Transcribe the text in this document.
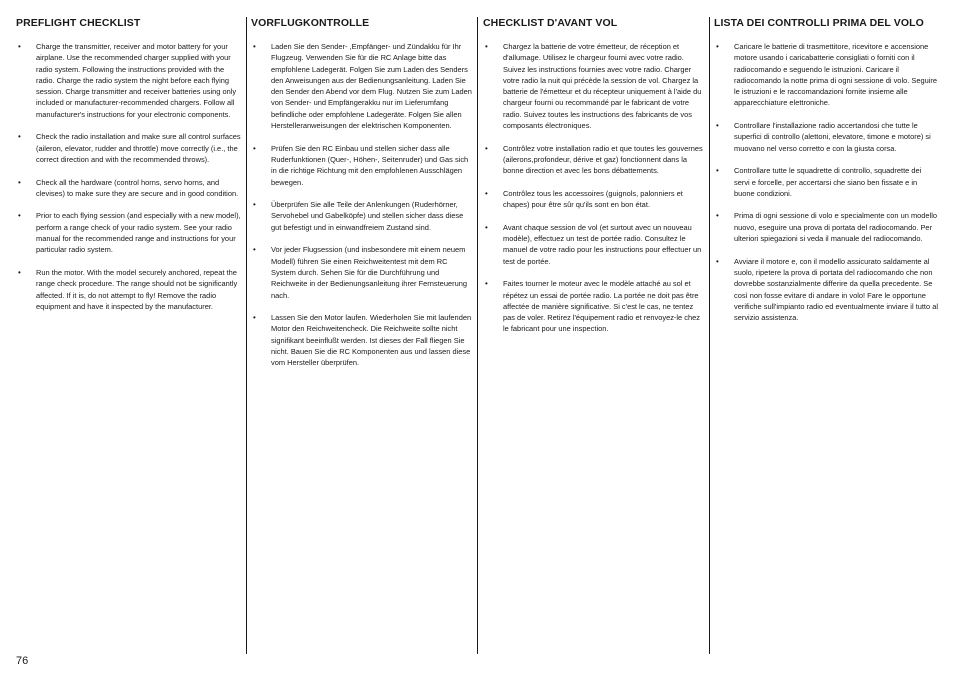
PREFLIGHT CHECKLIST
• Charge the transmitter, receiver and motor battery for your airplane. Use the recommended charger supplied with your radio system. Following the instructions provided with the radio. Charge the radio system the night before each flying session. Charge transmitter and receiver batteries using only included or manufacturer-recommended chargers. Follow all manufacturer's instructions for your electronic components.
• Check the radio installation and make sure all control surfaces (aileron, elevator, rudder and throttle) move correctly (i.e., the correct direction and with the recommended throws).
• Check all the hardware (control horns, servo horns, and clevises) to make sure they are secure and in good condition.
• Prior to each flying session (and especially with a new model), perform a range check of your radio system. See your radio manual for the recommended range and instructions for your particular radio system.
• Run the motor. With the model securely anchored, repeat the range check procedure. The range should not be significantly affected. If it is, do not attempt to fly! Remove the radio equipment and have it inspected by the manufacturer.
VORFLUGKONTROLLE
• Laden Sie den Sender- ,Empfänger- und Zündakku für Ihr Flugzeug. Verwenden Sie für die RC Anlage bitte das empfohlene Ladegerät. Folgen Sie zum Laden des Senders den Anweisungen aus der Bedienungsanleitung. Laden Sie den Sender den Abend vor dem Flug. Nutzen Sie zum Laden von Sender- und Empfängerakku nur im Lieferumfang befindliche oder empfohlene Ladegeräte. Folgen Sie allen Herstelleranweisungen der elektrischen Komponenten.
• Prüfen Sie den RC Einbau und stellen sicher dass alle Ruderfunktionen (Quer-, Höhen-, Seitenruder) und Gas sich in die richtige Richtung mit den empfohlenen Ausschlägen bewegen.
• Überprüfen Sie alle Teile der Anlenkungen (Ruderhörner, Servohebel und Gabelköpfe) und stellen sicher dass diese gut befestigt und in einwandfreiem Zustand sind.
• Vor jeder Flugsession (und insbesondere mit einem neuem Modell) führen Sie einen Reichweitentest mit dem RC System durch. Sehen Sie für die Durchführung und Reichweite in der Bedienungsanleitung ihrer Fernsteuerung nach.
• Lassen Sie den Motor laufen. Wiederholen Sie mit laufenden Motor den Reichweitencheck. Die Reichweite sollte nicht signifikant beeinflußt werden. Ist dieses der Fall fliegen Sie nicht. Bauen Sie die RC Komponenten aus und lassen diese vom Hersteller überprüfen.
CHECKLIST D'AVANT VOL
• Chargez la batterie de votre émetteur, de réception et d'allumage. Utilisez le chargeur fourni avec votre radio. Suivez les instructions fournies avec votre radio. Charger votre radio la nuit qui précède la session de vol. Chargez la batterie de l'émetteur et du récepteur uniquement à l'aide du chargeur fourni ou recommandé par le fabricant de votre radio. Suivez toutes les instructions des fabricants de vos composants électroniques.
• Contrôlez votre installation radio et que toutes les gouvernes (ailerons,profondeur, dérive et gaz) fonctionnent dans la bonne direction et avec les bons débattements.
• Contrôlez tous les accessoires (guignols, palonniers et chapes) pour être sûr qu'ils sont en bon état.
• Avant chaque session de vol (et surtout avec un nouveau modèle), effectuez un test de portée radio. Consultez le manuel de votre radio pour les instructions pour effectuer un test de portée.
• Faites tourner le moteur avec le modèle attaché au sol et répétez un essai de portée radio. La portée ne doit pas être affectée de manière significative. Si c'est le cas, ne tentez pas de voler. Retirez l'équipement radio et renvoyez-le chez le fabricant pour une inspection.
LISTA DEI CONTROLLI PRIMA DEL VOLO
• Caricare le batterie di trasmettitore, ricevitore e accensione motore usando i caricabatterie consigliati o forniti con il radiocomando e seguendo le istruzioni. Caricare il radiocomando la notte prima di ogni sessione di volo. Seguire le istruzioni e le raccomandazioni fornite insieme alle apparecchiature elettroniche.
• Controllare l'installazione radio accertandosi che tutte le superfici di controllo (alettoni, elevatore, timone e motore) si muovano nel verso corretto e con la giusta corsa.
• Controllare tutte le squadrette di controllo, squadrette dei servi e forcelle, per accertarsi che siano ben fissate e in buone condizioni.
• Prima di ogni sessione di volo e specialmente con un modello nuovo, eseguire una prova di portata del radiocomando. Per ulteriori spiegazioni si veda il manuale del radiocomando.
• Avviare il motore e, con il modello assicurato saldamente al suolo, ripetere la prova di portata del radiocomando che non dovrebbe sostanzialmente differire da quella precedente. Se così non fosse evitare di andare in volo! Fare le opportune verifiche sull'impianto radio ed eventualmente inviare il tutto al servizio assistenza.
76
